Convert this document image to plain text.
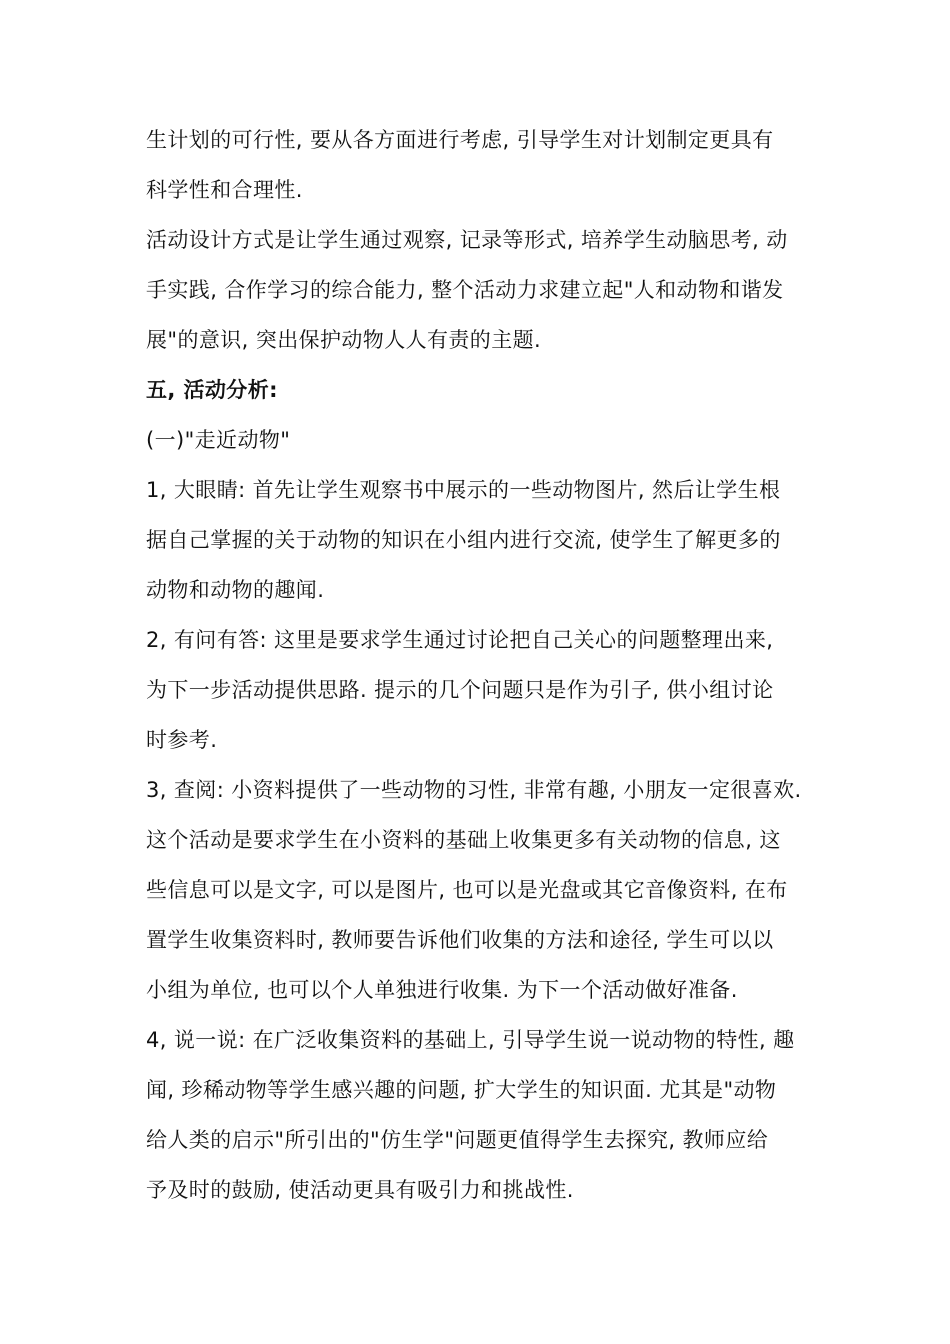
生计划的可行性, 要从各方面进行考虑, 引导学生对计划制定更具有
科学性和合理性.
活动设计方式是让学生通过观察, 记录等形式, 培养学生动脑思考, 动
手实践, 合作学习的综合能力, 整个活动力求建立起"人和动物和谐发
展"的意识, 突出保护动物人人有责的主题.
五, 活动分析:
(一)"走近动物"
1, 大眼睛: 首先让学生观察书中展示的一些动物图片, 然后让学生根
据自己掌握的关于动物的知识在小组内进行交流, 使学生了解更多的
动物和动物的趣闻.
2, 有问有答: 这里是要求学生通过讨论把自己关心的问题整理出来,
为下一步活动提供思路. 提示的几个问题只是作为引子, 供小组讨论
时参考.
3, 查阅: 小资料提供了一些动物的习性, 非常有趣, 小朋友一定很喜欢.
这个活动是要求学生在小资料的基础上收集更多有关动物的信息, 这
些信息可以是文字, 可以是图片, 也可以是光盘或其它音像资料, 在布
置学生收集资料时, 教师要告诉他们收集的方法和途径, 学生可以以
小组为单位, 也可以个人单独进行收集. 为下一个活动做好准备.
4, 说一说: 在广泛收集资料的基础上, 引导学生说一说动物的特性, 趣
闻, 珍稀动物等学生感兴趣的问题, 扩大学生的知识面. 尤其是"动物
给人类的启示"所引出的"仿生学"问题更值得学生去探究, 教师应给
予及时的鼓励, 使活动更具有吸引力和挑战性.
